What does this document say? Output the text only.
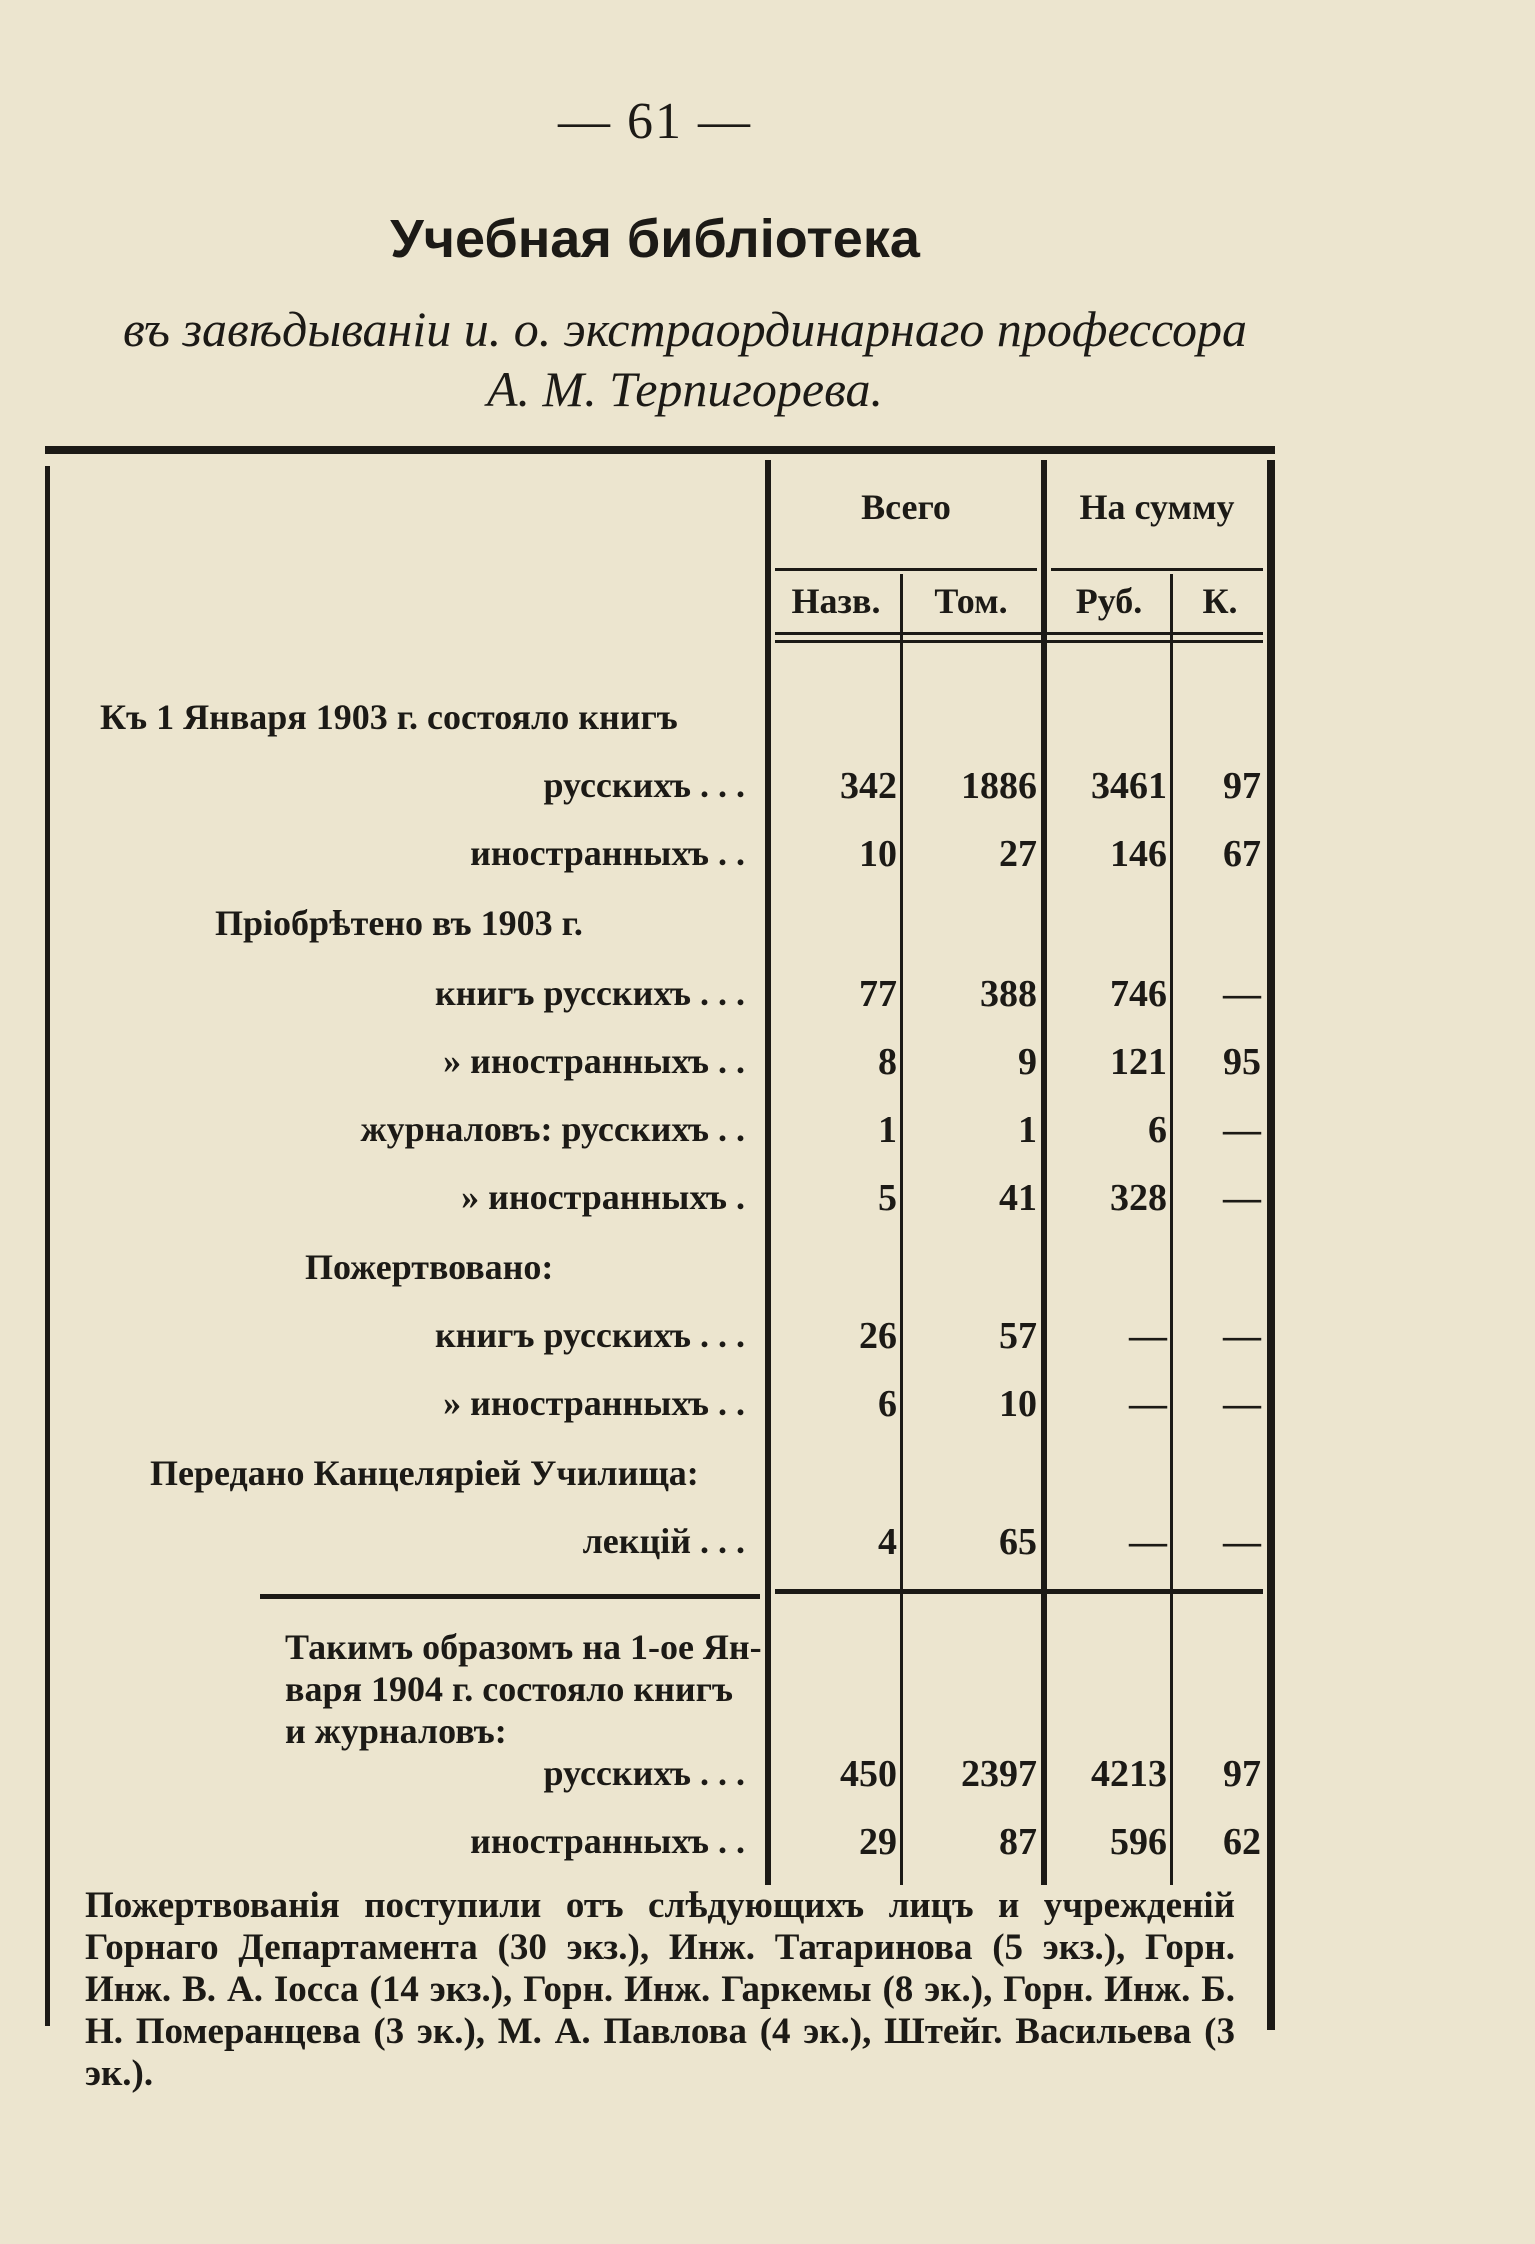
— 61 —
Учебная библіотека
въ завѣдываніи и. о. экстраординарнаго профессора
А. М. Терпигорева.
Всего	На сумму
Назв.	Том.	Руб.	К.
Къ 1 Января 1903 г. состояло книгъ
русскихъ . . .	342	1886	3461	97
иностранныхъ . .	10	27	146	67
Пріобрѣтено въ 1903 г.
книгъ русскихъ . . .	77	388	746	—
» иностранныхъ . .	8	9	121	95
журналовъ: русскихъ . .	1	1	6	—
» иностранныхъ .	5	41	328	—
Пожертвовано:
книгъ русскихъ . . .	26	57	—	—
» иностранныхъ . .	6	10	—	—
Передано Канцеляріей Училища:
лекцій . . .	4	65	—	—
Такимъ образомъ на 1-ое Ян-
варя 1904 г. состояло книгъ
и журналовъ:
русскихъ . . .	450	2397	4213	97
иностранныхъ . .	29	87	596	62
Пожертвованія поступили отъ слѣдующихъ лицъ и учрежденій Горнаго Департамента (30 экз.), Инж. Татаринова (5 экз.), Горн. Инж. В. А. Іосса (14 экз.), Горн. Инж. Гаркемы (8 эк.), Горн. Инж. Б. Н. Померанцева (3 эк.), М. А. Павлова (4 эк.), Штейг. Васильева (3 эк.).
